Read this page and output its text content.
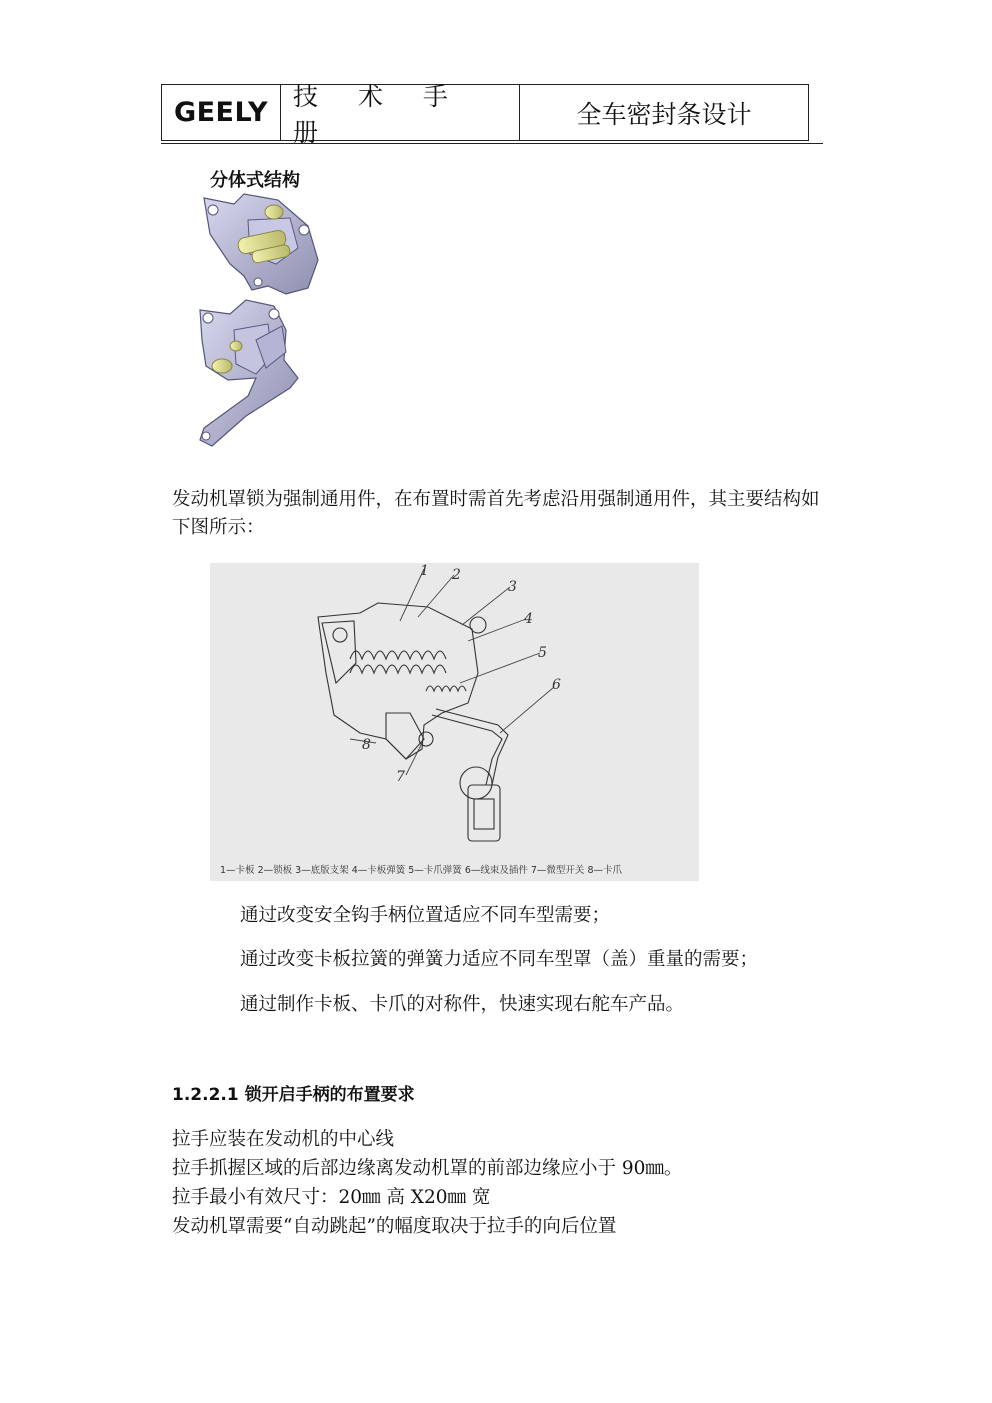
GEELY
技 术 手 册
全车密封条设计
分体式结构
发动机罩锁为强制通用件，在布置时需首先考虑沿用强制通用件，其主要结构如下图所示：
1 2
3
4
5
6
7
8
1—卡板 2—锁板 3—底版支架 4—卡板弹簧 5—卡爪弹簧 6—线束及插件 7—微型开关 8—卡爪
通过改变安全钩手柄位置适应不同车型需要；
通过改变卡板拉簧的弹簧力适应不同车型罩（盖）重量的需要；
通过制作卡板、卡爪的对称件，快速实现右舵车产品。
1.2.2.1 锁开启手柄的布置要求
拉手应装在发动机的中心线
拉手抓握区域的后部边缘离发动机罩的前部边缘应小于 90㎜。
拉手最小有效尺寸：20㎜ 高 X20㎜ 宽
发动机罩需要“自动跳起”的幅度取决于拉手的向后位置
